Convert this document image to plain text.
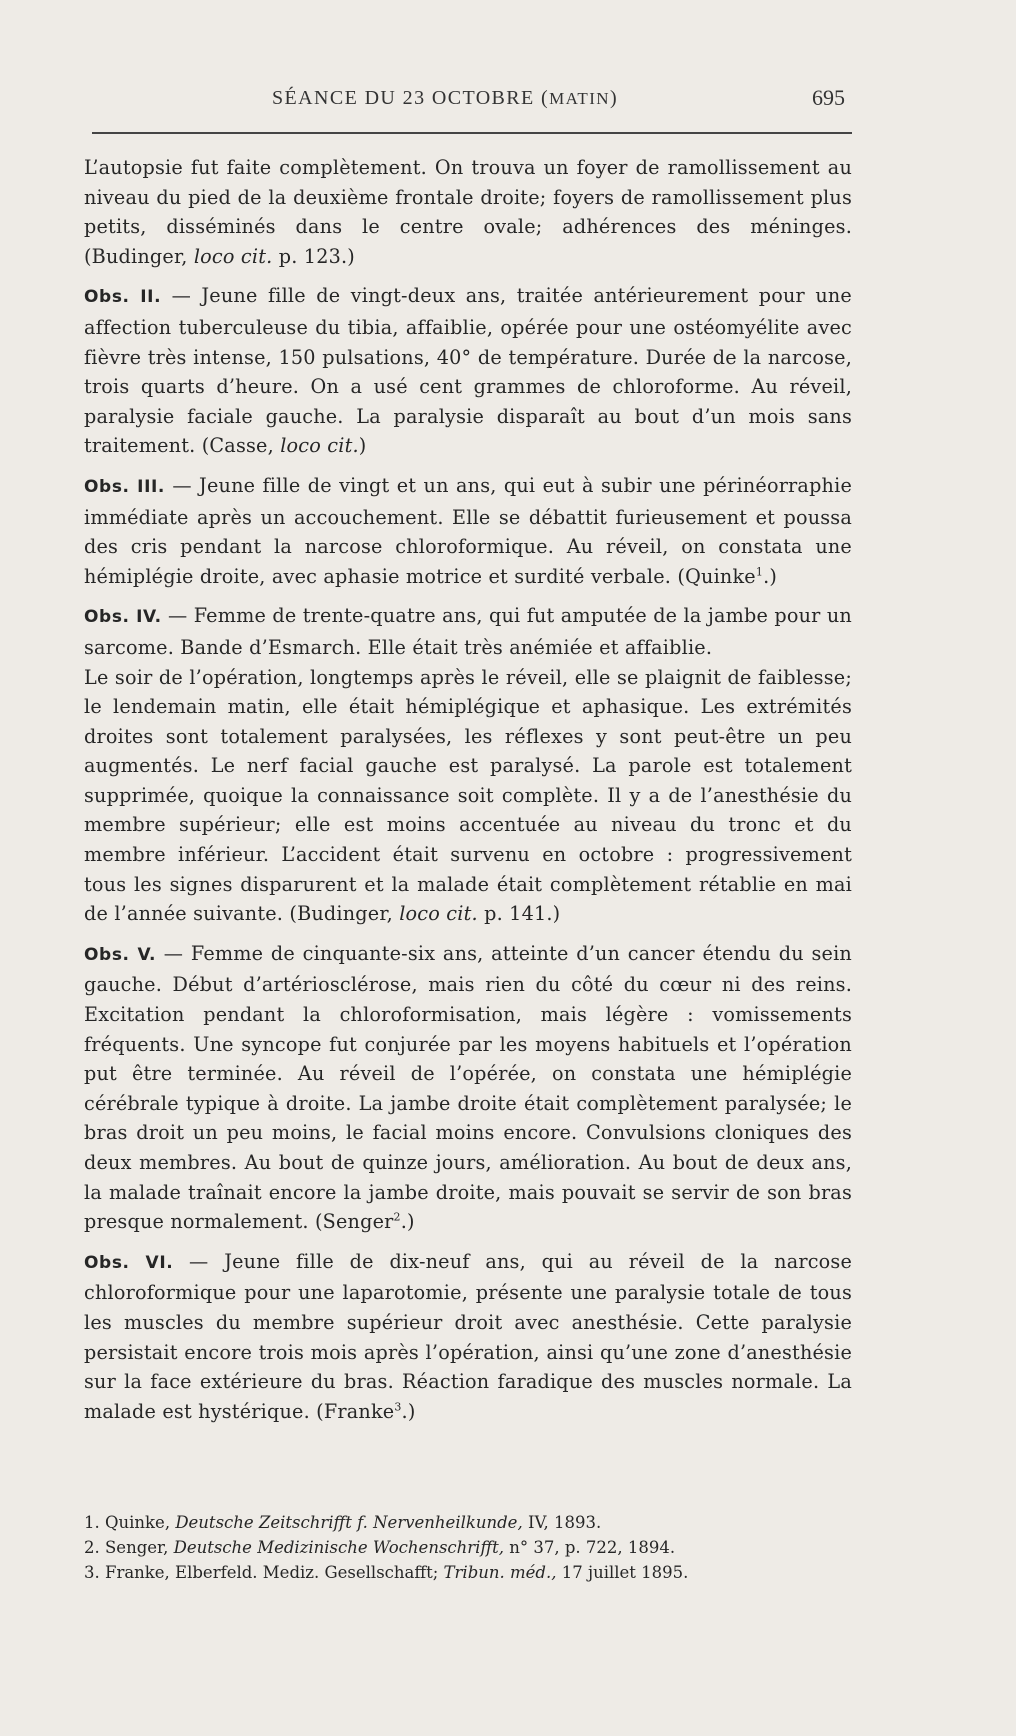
SÉANCE DU 23 OCTOBRE (MATIN)	695

L’autopsie fut faite complètement. On trouva un foyer de ramollissement au niveau du pied de la deuxième frontale droite; foyers de ramollissement plus petits, disséminés dans le centre ovale; adhérences des méninges. (Budinger, loco cit. p. 123.)

Obs. II. — Jeune fille de vingt-deux ans, traitée antérieurement pour une affection tuberculeuse du tibia, affaiblie, opérée pour une ostéomyélite avec fièvre très intense, 150 pulsations, 40° de température. Durée de la narcose, trois quarts d’heure. On a usé cent grammes de chloroforme. Au réveil, paralysie faciale gauche. La paralysie disparaît au bout d’un mois sans traitement. (Casse, loco cit.)

Obs. III. — Jeune fille de vingt et un ans, qui eut à subir une périnéorraphie immédiate après un accouchement. Elle se débattit furieusement et poussa des cris pendant la narcose chloroformique. Au réveil, on constata une hémiplégie droite, avec aphasie motrice et surdité verbale. (Quinke$^1$.)

Obs. IV. — Femme de trente-quatre ans, qui fut amputée de la jambe pour un sarcome. Bande d’Esmarch. Elle était très anémiée et affaiblie.

Le soir de l’opération, longtemps après le réveil, elle se plaignit de faiblesse; le lendemain matin, elle était hémiplégique et aphasique. Les extrémités droites sont totalement paralysées, les réflexes y sont peut-être un peu augmentés. Le nerf facial gauche est paralysé. La parole est totalement supprimée, quoique la connaissance soit complète. Il y a de l’anesthésie du membre supérieur; elle est moins accentuée au niveau du tronc et du membre inférieur. L’accident était survenu en octobre : progressivement tous les signes disparurent et la malade était complètement rétablie en mai de l’année suivante. (Budinger, loco cit. p. 141.)

Obs. V. — Femme de cinquante-six ans, atteinte d’un cancer étendu du sein gauche. Début d’artériosclérose, mais rien du côté du cœur ni des reins. Excitation pendant la chloroformisation, mais légère : vomissements fréquents. Une syncope fut conjurée par les moyens habituels et l’opération put être terminée. Au réveil de l’opérée, on constata une hémiplégie cérébrale typique à droite. La jambe droite était complètement paralysée; le bras droit un peu moins, le facial moins encore. Convulsions cloniques des deux membres. Au bout de quinze jours, amélioration. Au bout de deux ans, la malade traînait encore la jambe droite, mais pouvait se servir de son bras presque normalement. (Senger$^2$.)

Obs. VI. — Jeune fille de dix-neuf ans, qui au réveil de la narcose chloroformique pour une laparotomie, présente une paralysie totale de tous les muscles du membre supérieur droit avec anesthésie. Cette paralysie persistait encore trois mois après l’opération, ainsi qu’une zone d’anesthésie sur la face extérieure du bras. Réaction faradique des muscles normale. La malade est hystérique. (Franke$^3$.)

1. Quinke, Deutsche Zeitschrifft f. Nervenheilkunde, IV, 1893.

2. Senger, Deutsche Medizinische Wochenschrifft, n° 37, p. 722, 1894.

3. Franke, Elberfeld. Mediz. Gesellschafft; Tribun. méd., 17 juillet 1895.
